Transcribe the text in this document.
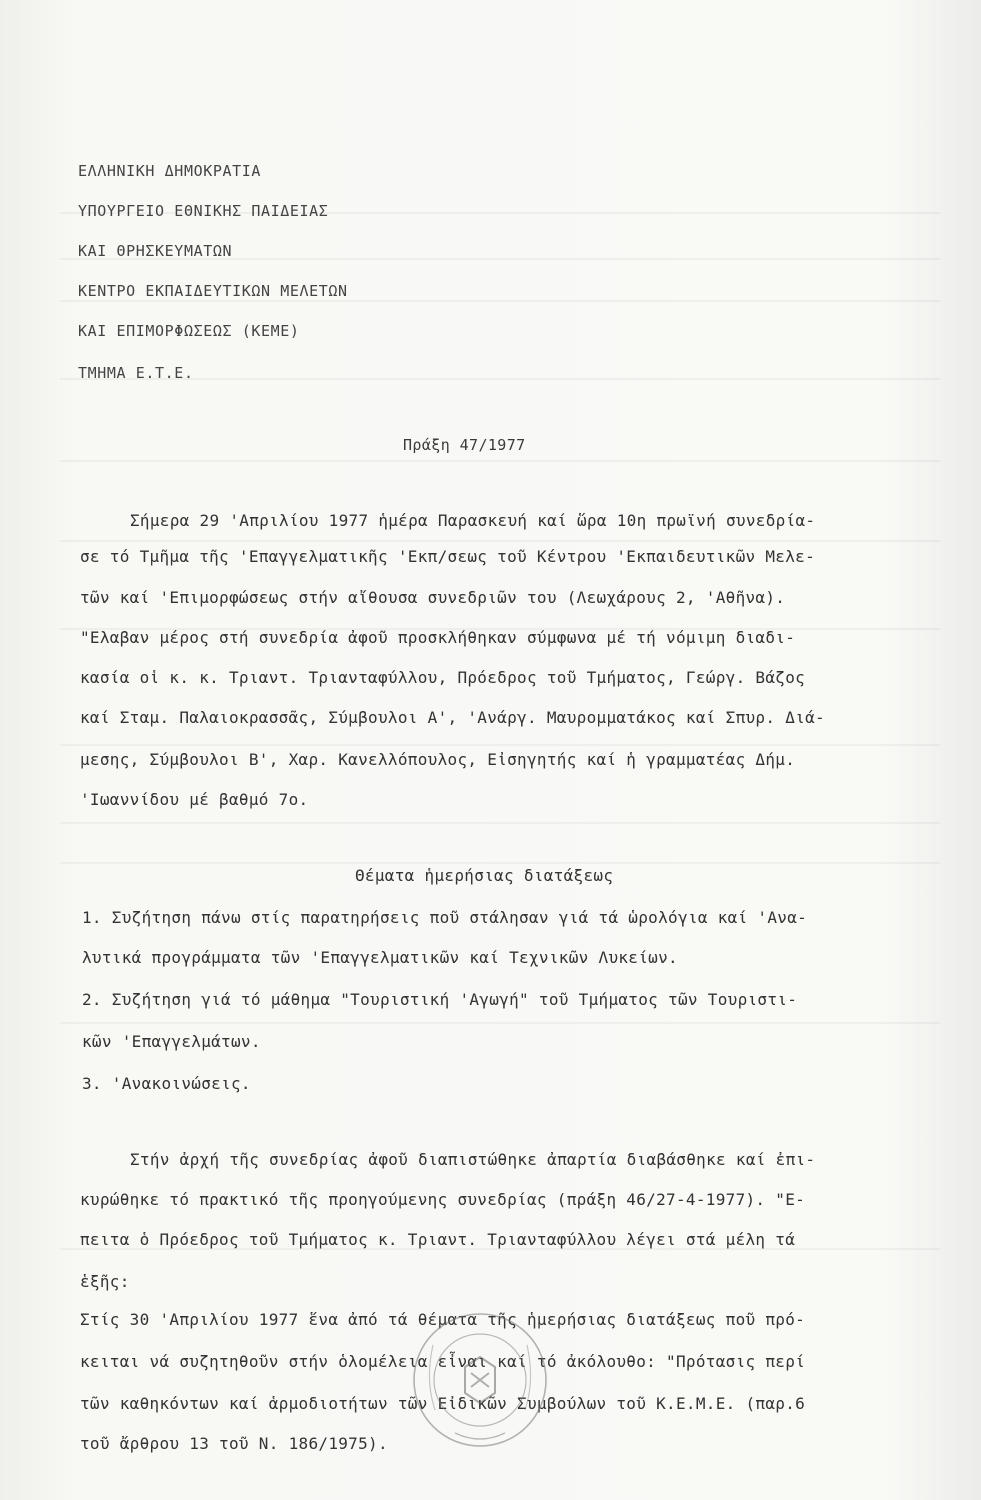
ΕΛΛΗΝΙΚΗ ΔΗΜΟΚΡΑΤΙΑ
ΥΠΟΥΡΓΕΙΟ ΕΘΝΙΚΗΣ ΠΑΙΔΕΙΑΣ
ΚΑΙ ΘΡΗΣΚΕΥΜΑΤΩΝ
ΚΕΝΤΡΟ ΕΚΠΑΙΔΕΥΤΙΚΩΝ ΜΕΛΕΤΩΝ
ΚΑΙ ΕΠΙΜΟΡΦΩΣΕΩΣ (ΚΕΜΕ)
ΤΜΗΜΑ Ε.Τ.Ε.
Πράξη 47/1977
Σήμερα 29 'Απριλίου 1977 ἡμέρα Παρασκευή καί ὥρα 10η πρωϊνή συνεδρία-
σε τό Τμῆμα τῆς 'Επαγγελματικῆς 'Εκπ/σεως τοῦ Κέντρου 'Εκπαιδευτικῶν Μελε-
τῶν καί 'Επιμορφώσεως στήν αἴθουσα συνεδριῶν του (Λεωχάρους 2, 'Αθῆνα).
"Ελαβαν μέρος στή συνεδρία ἀφοῦ προσκλήθηκαν σύμφωνα μέ τή νόμιμη διαδι-
κασία οἱ κ. κ. Τριαντ. Τριανταφύλλου, Πρόεδρος τοῦ Τμήματος, Γεώργ. Βάζος
καί Σταμ. Παλαιοκρασσᾶς, Σύμβουλοι Α', 'Ανάργ. Μαυρομματάκος καί Σπυρ. Διά-
μεσης, Σύμβουλοι Β', Χαρ. Κανελλόπουλος, Εἰσηγητής καί ἡ γραμματέας Δήμ.
'Ιωαννίδου μέ βαθμό 7ο.
Θέματα ἡμερήσιας διατάξεως
1. Συζήτηση πάνω στίς παρατηρήσεις ποῦ στάλησαν γιά τά ὡρολόγια καί 'Ανα-
λυτικά προγράμματα τῶν 'Επαγγελματικῶν καί Τεχνικῶν Λυκείων.
2. Συζήτηση γιά τό μάθημα "Τουριστική 'Αγωγή" τοῦ Τμήματος τῶν Τουριστι-
κῶν 'Επαγγελμάτων.
3. 'Ανακοινώσεις.
Στήν ἀρχή τῆς συνεδρίας ἀφοῦ διαπιστώθηκε ἀπαρτία διαβάσθηκε καί ἐπι-
κυρώθηκε τό πρακτικό τῆς προηγούμενης συνεδρίας (πράξη 46/27-4-1977). "Ε-
πειτα ὁ Πρόεδρος τοῦ Τμήματος κ. Τριαντ. Τριανταφύλλου λέγει στά μέλη τά
ἑξῆς:
Στίς 30 'Απριλίου 1977 ἕνα ἀπό τά θέματα τῆς ἡμερήσιας διατάξεως ποῦ πρό-
κειται νά συζητηθοῦν στήν ὁλομέλεια εἶναι καί τό ἀκόλουθο: "Πρότασις περί
τῶν καθηκόντων καί ἁρμοδιοτήτων τῶν Εἰδικῶν Συμβούλων τοῦ Κ.Ε.Μ.Ε. (παρ.6
τοῦ ἄρθρου 13 τοῦ Ν. 186/1975).
